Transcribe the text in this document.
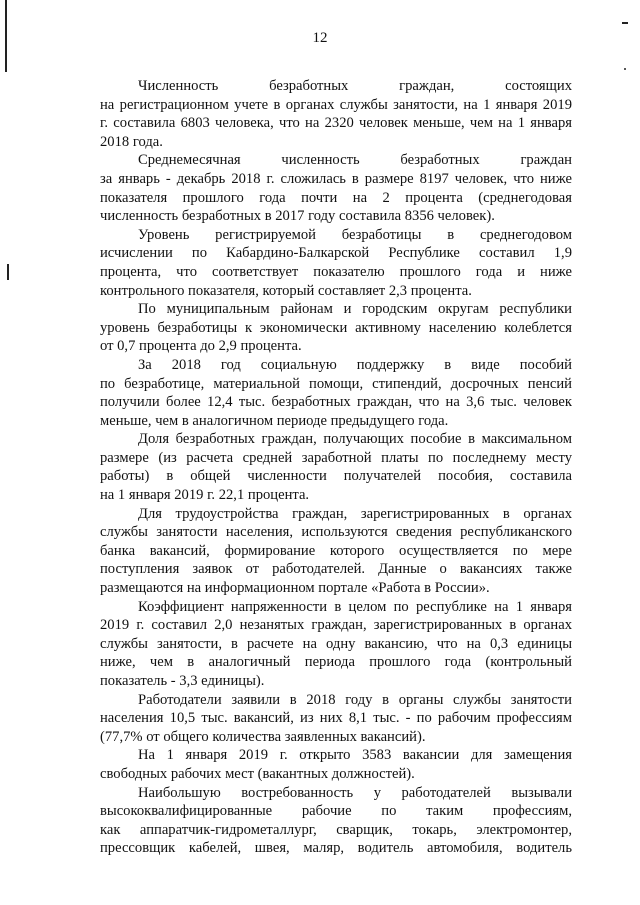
12
Численность безработных граждан, состоящих
на регистрационном учете в органах службы занятости, на 1 января 2019
г. составила 6803 человека, что на 2320 человек меньше, чем на 1 января
2018 года.
Среднемесячная численность безработных граждан
за январь - декабрь 2018 г. сложилась в размере 8197 человек, что ниже
показателя прошлого года почти на 2 процента (среднегодовая
численность безработных в 2017 году составила 8356 человек).
Уровень регистрируемой безработицы в среднегодовом
исчислении по Кабардино-Балкарской Республике составил 1,9
процента, что соответствует показателю прошлого года и ниже
контрольного показателя, который составляет 2,3 процента.
По муниципальным районам и городским округам республики
уровень безработицы к экономически активному населению колеблется
от 0,7 процента до 2,9 процента.
За 2018 год социальную поддержку в виде пособий
по безработице, материальной помощи, стипендий, досрочных пенсий
получили более 12,4 тыс. безработных граждан, что на 3,6 тыс. человек
меньше, чем в аналогичном периоде предыдущего года.
Доля безработных граждан, получающих пособие в максимальном
размере (из расчета средней заработной платы по последнему месту
работы) в общей численности получателей пособия, составила
на 1 января 2019 г. 22,1 процента.
Для трудоустройства граждан, зарегистрированных в органах
службы занятости населения, используются сведения республиканского
банка вакансий, формирование которого осуществляется по мере
поступления заявок от работодателей. Данные о вакансиях также
размещаются на информационном портале «Работа в России».
Коэффициент напряженности в целом по республике на 1 января
2019 г. составил 2,0 незанятых граждан, зарегистрированных в органах
службы занятости, в расчете на одну вакансию, что на 0,3 единицы
ниже, чем в аналогичный периода прошлого года (контрольный
показатель - 3,3 единицы).
Работодатели заявили в 2018 году в органы службы занятости
населения 10,5 тыс. вакансий, из них 8,1 тыс. - по рабочим профессиям
(77,7% от общего количества заявленных вакансий).
На 1 января 2019 г. открыто 3583 вакансии для замещения
свободных рабочих мест (вакантных должностей).
Наибольшую востребованность у работодателей вызывали
высококвалифицированные рабочие по таким профессиям,
как аппаратчик-гидрометаллург, сварщик, токарь, электромонтер,
прессовщик кабелей, швея, маляр, водитель автомобиля, водитель
